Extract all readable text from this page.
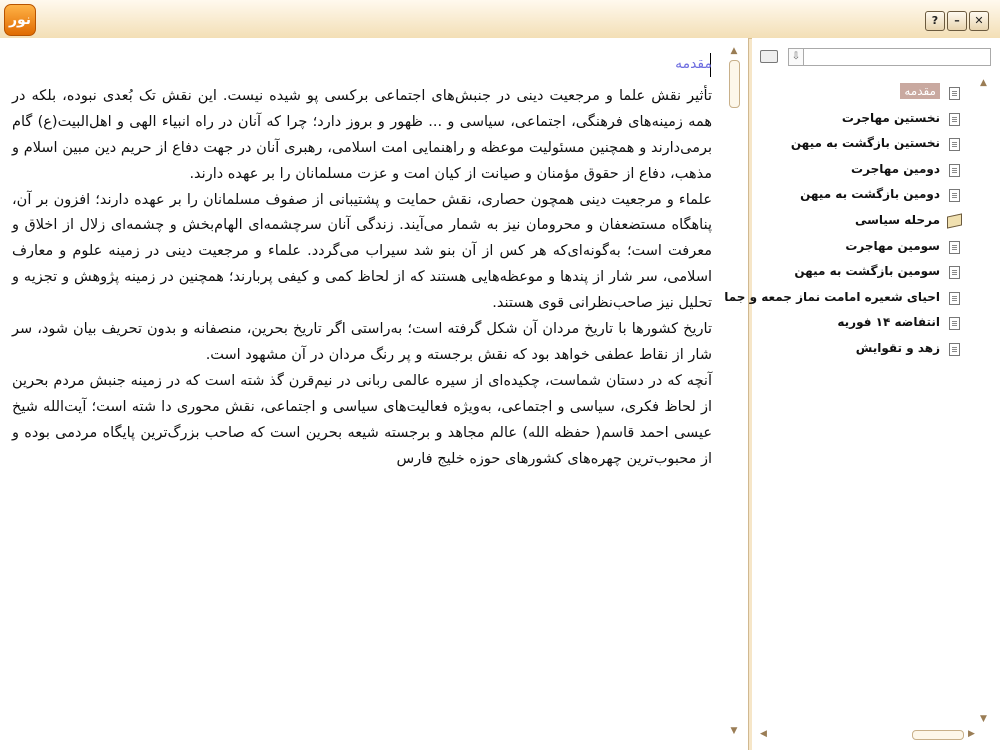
نور	?	–	✕
مقدمه

تأثیر نقش علما و مرجعیت دینی در جنبش‌های اجتماعی برکسی پو شیده نیست. این نقش تک بُعدی نبوده، بلکه در همه زمینه‌های فرهنگی، اجتماعی، سیاسی و ... ظهور و بروز دارد؛ چرا که آنان در راه انبیاء الهی و اهل‌البیت(ع) گام برمی‌دارند و همچنین مسئولیت موعظه و راهنمایی امت اسلامی، رهبری آنان در جهت دفاع از حریم دین مبین اسلام و مذهب، دفاع از حقوق مؤمنان و صیانت از کیان امت و عزت مسلمانان را بر عهده دارند.

علماء و مرجعیت دینی همچون حصاری، نقش حمایت و پشتیبانی از صفوف مسلمانان را بر عهده دارند؛ افزون بر آن، پناهگاه مستضعفان و محرومان نیز به شمار می‌آیند. زندگی آنان سرچشمه‌ای الهام‌بخش و چشمه‌ای زلال از اخلاق و معرفت است؛ به‌گونه‌ای‌که هر کس از آن بنو شد سیراب می‌گردد. علماء و مرجعیت دینی در زمینه علوم و معارف اسلامی، سر شار از پندها و موعظه‌هایی هستند که از لحاظ کمی و کیفی پربارند؛ همچنین در زمینه پژوهش و تجزیه و تحلیل نیز صاحب‌نظرانی قوی هستند.

تاریخ کشورها با تاریخ مردان آن شکل گرفته است؛ به‌راستی اگر تاریخ بحرین، منصفانه و بدون تحریف بیان شود، سر شار از نقاط عطفی خواهد بود که نقش برجسته و پر رنگ مردان در آن مشهود است.

آنچه که در دستان شماست، چکیده‌ای از سیره عالمی ربانی در نیم‌قرن گذ شته است که در زمینه جنبش مردم بحرین از لحاظ فکری، سیاسی و اجتماعی، به‌ویژه فعالیت‌های سیاسی و اجتماعی، نقش محوری دا شته است؛ آیت‌الله شیخ عیسی احمد قاسم( حفظه الله) عالم مجاهد و برجسته شیعه بحرین است که صاحب بزرگ‌ترین پایگاه مردمی بوده و از محبوب‌ترین چهره‌های کشورهای حوزه خلیج فارس

▲
▼
⇩
مقدمه
نخستین مهاجرت
نخستین بازگشت به م‍یهن
دومین مهاجرت
دومین بازگشت به میهن
مرحله سیاسی
سومین مهاجرت
سومین بازگشت به میهن
احیای شعیره امامت نماز جمعه و جما
انتفاضه ۱۴ فوریه
زهد و تقوایش
▲
▼
◀	▶
